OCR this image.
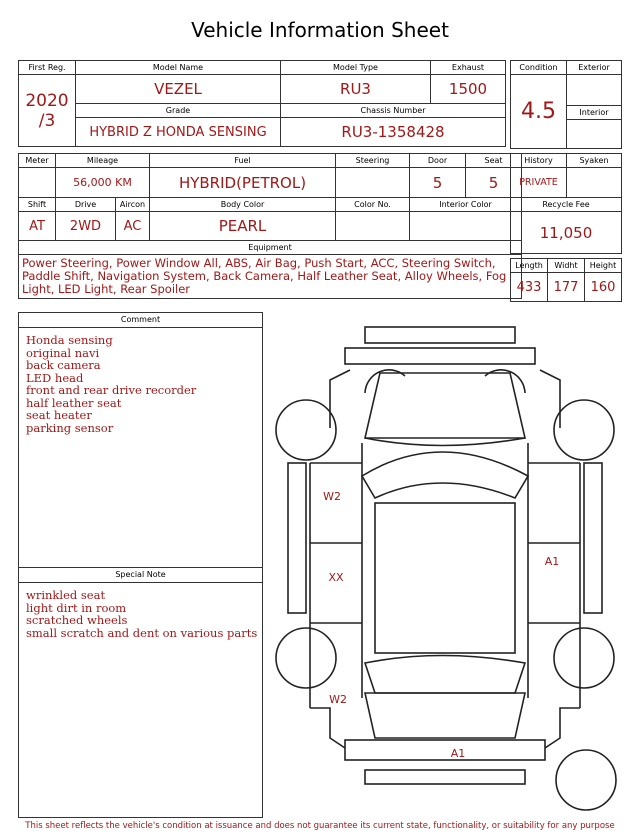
Vehicle Information Sheet
First Reg.	Model Name	Model Type	Exhaust
2020
/3	VEZEL	RU3	1500
	Grade	Chassis Number	
	HYBRID Z HONDA SENSING	RU3-1358428	
Condition	Exterior
4.5	
	Interior

Meter	Mileage		Fuel	Steering	Door	Seat
	56,000 KM		HYBRID(PETROL)		5	5
Shift	Drive	Aircon	Body Color	Color No.	Interior Color	
AT	2WD	AC	PEARL			
Equipment						
Power Steering, Power Window All, ABS, Air Bag, Push Start, ACC, Steering Switch, Paddle Shift, Navigation System, Back Camera, Half Leather Seat, Alloy Wheels, Fog Light, LED Light, Rear Spoiler						
History	Syaken
PRIVATE	
Recycle Fee	
11,050	
Length	Widht	Height
433	177	160
Comment
Honda sensing
original navi
back camera
LED head
front and rear drive recorder
half leather seat
seat heater
parking sensor
Special Note
wrinkled seat
light dirt in room
scratched wheels
small scratch and dent on various parts
W2
XX
W2
A1
A1
This sheet reflects the vehicle's condition at issuance and does not guarantee its current state, functionality, or suitability for any purpose
